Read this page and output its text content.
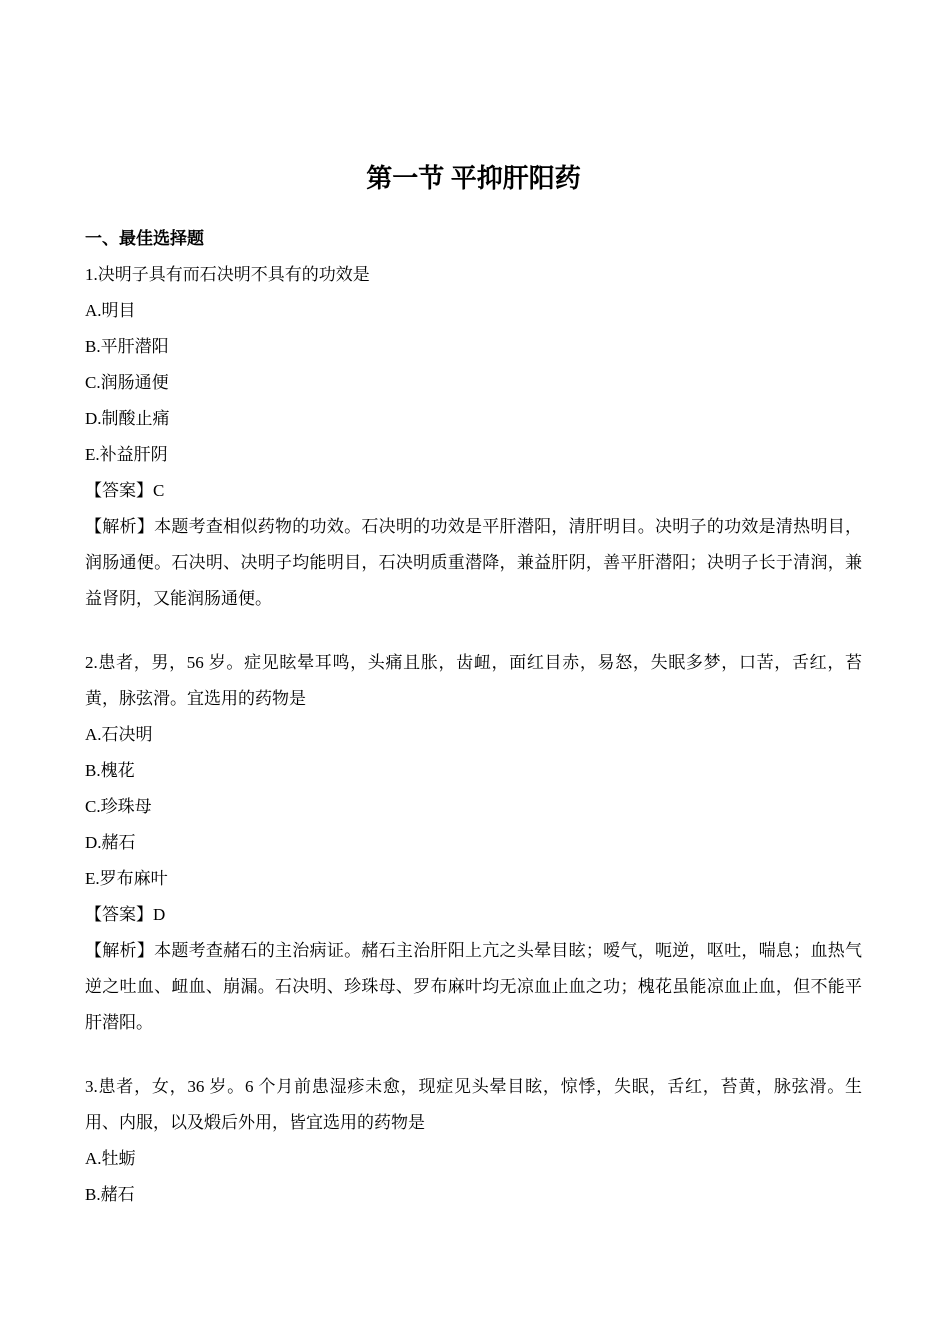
第一节 平抑肝阳药
一、最佳选择题

1.决明子具有而石决明不具有的功效是

A.明目

B.平肝潜阳

C.润肠通便

D.制酸止痛

E.补益肝阴

【答案】C

【解析】本题考查相似药物的功效。石决明的功效是平肝潜阳，清肝明目。决明子的功效是清热明目，润肠通便。石决明、决明子均能明目，石决明质重潜降，兼益肝阴，善平肝潜阳；决明子长于清润，兼益肾阴，又能润肠通便。

2.患者，男，56 岁。症见眩晕耳鸣，头痛且胀，齿衄，面红目赤，易怒，失眠多梦，口苦，舌红，苔黄，脉弦滑。宜选用的药物是

A.石决明

B.槐花

C.珍珠母

D.赭石

E.罗布麻叶

【答案】D

【解析】本题考查赭石的主治病证。赭石主治肝阳上亢之头晕目眩；嗳气，呃逆，呕吐，喘息；血热气逆之吐血、衄血、崩漏。石决明、珍珠母、罗布麻叶均无凉血止血之功；槐花虽能凉血止血，但不能平肝潜阳。

3.患者，女，36 岁。6 个月前患湿疹未愈，现症见头晕目眩，惊悸，失眠，舌红，苔黄，脉弦滑。生用、内服，以及煅后外用，皆宜选用的药物是

A.牡蛎

B.赭石
